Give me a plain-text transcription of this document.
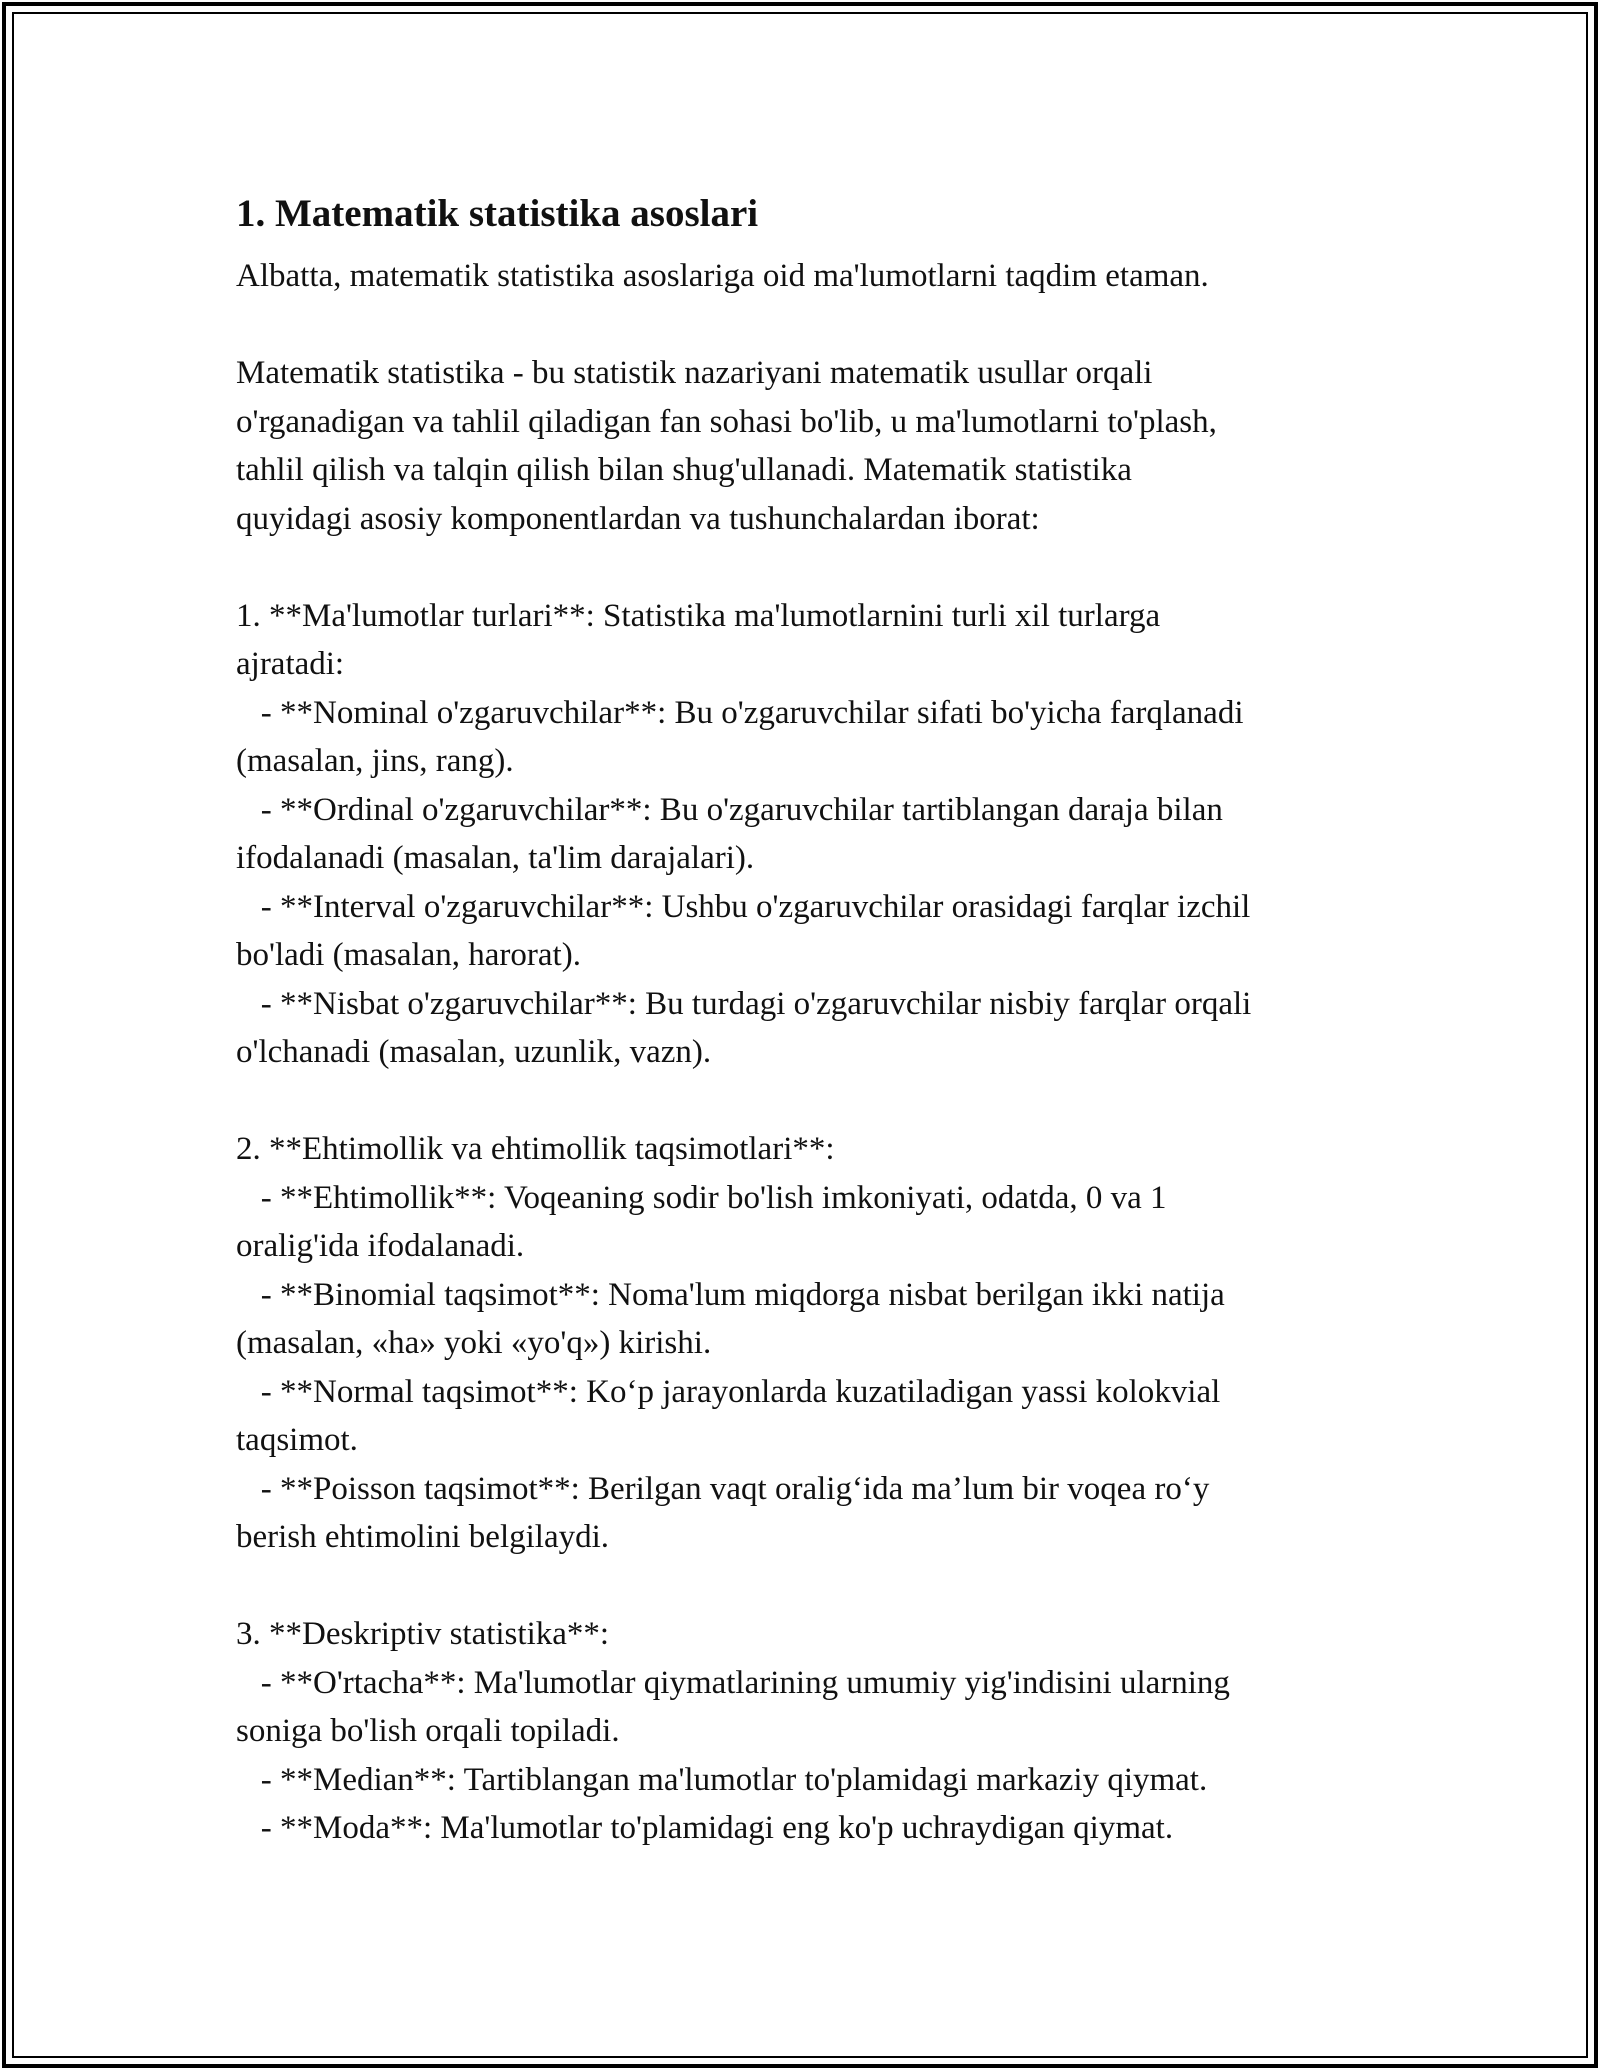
1. Matematik statistika asoslari

Albatta, matematik statistika asoslariga oid ma'lumotlarni taqdim etaman.

Matematik statistika - bu statistik nazariyani matematik usullar orqali
o'rganadigan va tahlil qiladigan fan sohasi bo'lib, u ma'lumotlarni to'plash,
tahlil qilish va talqin qilish bilan shug'ullanadi. Matematik statistika
quyidagi asosiy komponentlardan va tushunchalardan iborat:
1. **Ma'lumotlar turlari**: Statistika ma'lumotlarnini turli xil turlarga
ajratadi:
- **Nominal o'zgaruvchilar**: Bu o'zgaruvchilar sifati bo'yicha farqlanadi
(masalan, jins, rang).
- **Ordinal o'zgaruvchilar**: Bu o'zgaruvchilar tartiblangan daraja bilan
ifodalanadi (masalan, ta'lim darajalari).
- **Interval o'zgaruvchilar**: Ushbu o'zgaruvchilar orasidagi farqlar izchil
bo'ladi (masalan, harorat).
- **Nisbat o'zgaruvchilar**: Bu turdagi o'zgaruvchilar nisbiy farqlar orqali
o'lchanadi (masalan, uzunlik, vazn).
2. **Ehtimollik va ehtimollik taqsimotlari**:
- **Ehtimollik**: Voqeaning sodir bo'lish imkoniyati, odatda, 0 va 1
oralig'ida ifodalanadi.
- **Binomial taqsimot**: Noma'lum miqdorga nisbat berilgan ikki natija
(masalan, «ha» yoki «yo'q») kirishi.
- **Normal taqsimot**: Ko‘p jarayonlarda kuzatiladigan yassi kolokvial
taqsimot.
- **Poisson taqsimot**: Berilgan vaqt oralig‘ida ma’lum bir voqea ro‘y
berish ehtimolini belgilaydi.
3. **Deskriptiv statistika**:
- **O'rtacha**: Ma'lumotlar qiymatlarining umumiy yig'indisini ularning
soniga bo'lish orqali topiladi.
- **Median**: Tartiblangan ma'lumotlar to'plamidagi markaziy qiymat.
- **Moda**: Ma'lumotlar to'plamidagi eng ko'p uchraydigan qiymat.
